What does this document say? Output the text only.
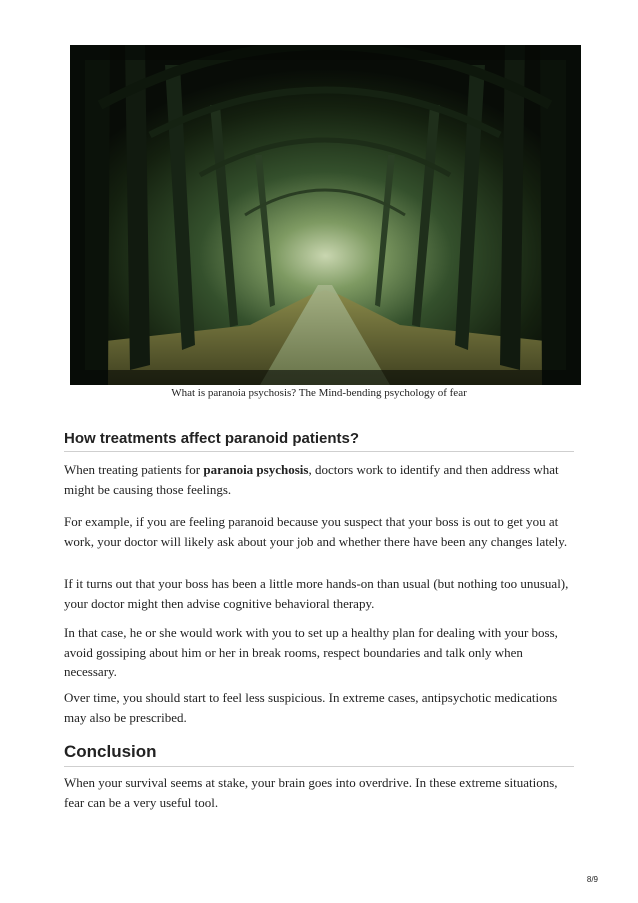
What is paranoia psychosis? The Mind-bending psychology of fear
How treatments affect paranoid patients?

When treating patients for paranoia psychosis, doctors work to identify and then address what might be causing those feelings.

For example, if you are feeling paranoid because you suspect that your boss is out to get you at work, your doctor will likely ask about your job and whether there have been any changes lately.

If it turns out that your boss has been a little more hands-on than usual (but nothing too unusual), your doctor might then advise cognitive behavioral therapy.

In that case, he or she would work with you to set up a healthy plan for dealing with your boss, avoid gossiping about him or her in break rooms, respect boundaries and talk only when necessary.

Over time, you should start to feel less suspicious. In extreme cases, antipsychotic medications may also be prescribed.

Conclusion

When your survival seems at stake, your brain goes into overdrive. In these extreme situations, fear can be a very useful tool.

8/9
